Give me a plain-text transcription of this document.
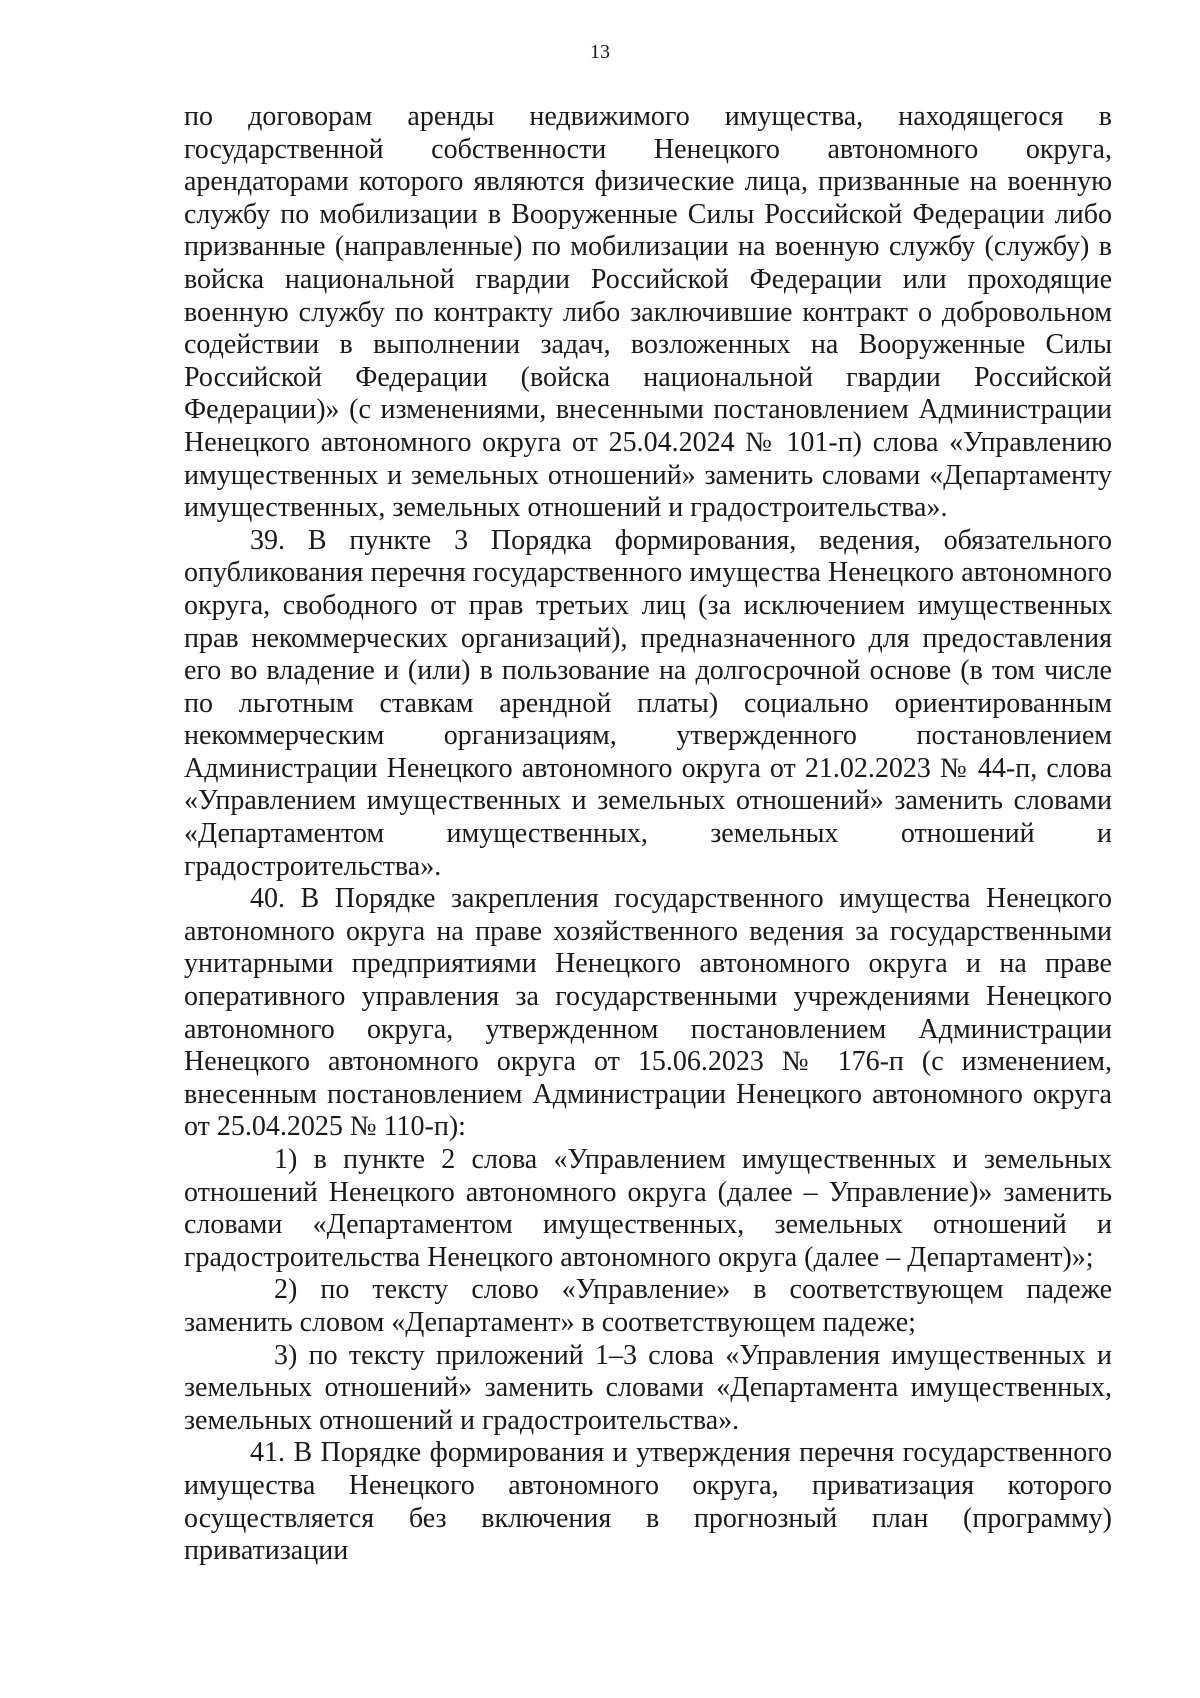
13

по договорам аренды недвижимого имущества, находящегося в государственной собственности Ненецкого автономного округа, арендаторами которого являются физические лица, призванные на военную службу по мобилизации в Вооруженные Силы Российской Федерации либо призванные (направленные) по мобилизации на военную службу (службу) в войска национальной гвардии Российской Федерации или проходящие военную службу по контракту либо заключившие контракт о добровольном содействии в выполнении задач, возложенных на Вооруженные Силы Российской Федерации (войска национальной гвардии Российской Федерации)» (с изменениями, внесенными постановлением Администрации Ненецкого автономного округа от 25.04.2024 № 101-п) слова «Управлению имущественных и земельных отношений» заменить словами «Департаменту имущественных, земельных отношений и градостроительства».

39. В пункте 3 Порядка формирования, ведения, обязательного опубликования перечня государственного имущества Ненецкого автономного округа, свободного от прав третьих лиц (за исключением имущественных прав некоммерческих организаций), предназначенного для предоставления его во владение и (или) в пользование на долгосрочной основе (в том числе по льготным ставкам арендной платы) социально ориентированным некоммерческим организациям, утвержденного постановлением Администрации Ненецкого автономного округа от 21.02.2023 № 44-п, слова «Управлением имущественных и земельных отношений» заменить словами «Департаментом имущественных, земельных отношений и градостроительства».

40. В Порядке закрепления государственного имущества Ненецкого автономного округа на праве хозяйственного ведения за государственными унитарными предприятиями Ненецкого автономного округа и на праве оперативного управления за государственными учреждениями Ненецкого автономного округа, утвержденном постановлением Администрации Ненецкого автономного округа от 15.06.2023 № 176-п (с изменением, внесенным постановлением Администрации Ненецкого автономного округа от 25.04.2025 № 110-п):

1) в пункте 2 слова «Управлением имущественных и земельных отношений Ненецкого автономного округа (далее – Управление)» заменить словами «Департаментом имущественных, земельных отношений и градостроительства Ненецкого автономного округа (далее – Департамент)»;

2) по тексту слово «Управление» в соответствующем падеже заменить словом «Департамент» в соответствующем падеже;

3) по тексту приложений 1–3 слова «Управления имущественных и земельных отношений» заменить словами «Департамента имущественных, земельных отношений и градостроительства».

41. В Порядке формирования и утверждения перечня государственного имущества Ненецкого автономного округа, приватизация которого осуществляется без включения в прогнозный план (программу) приватизации
